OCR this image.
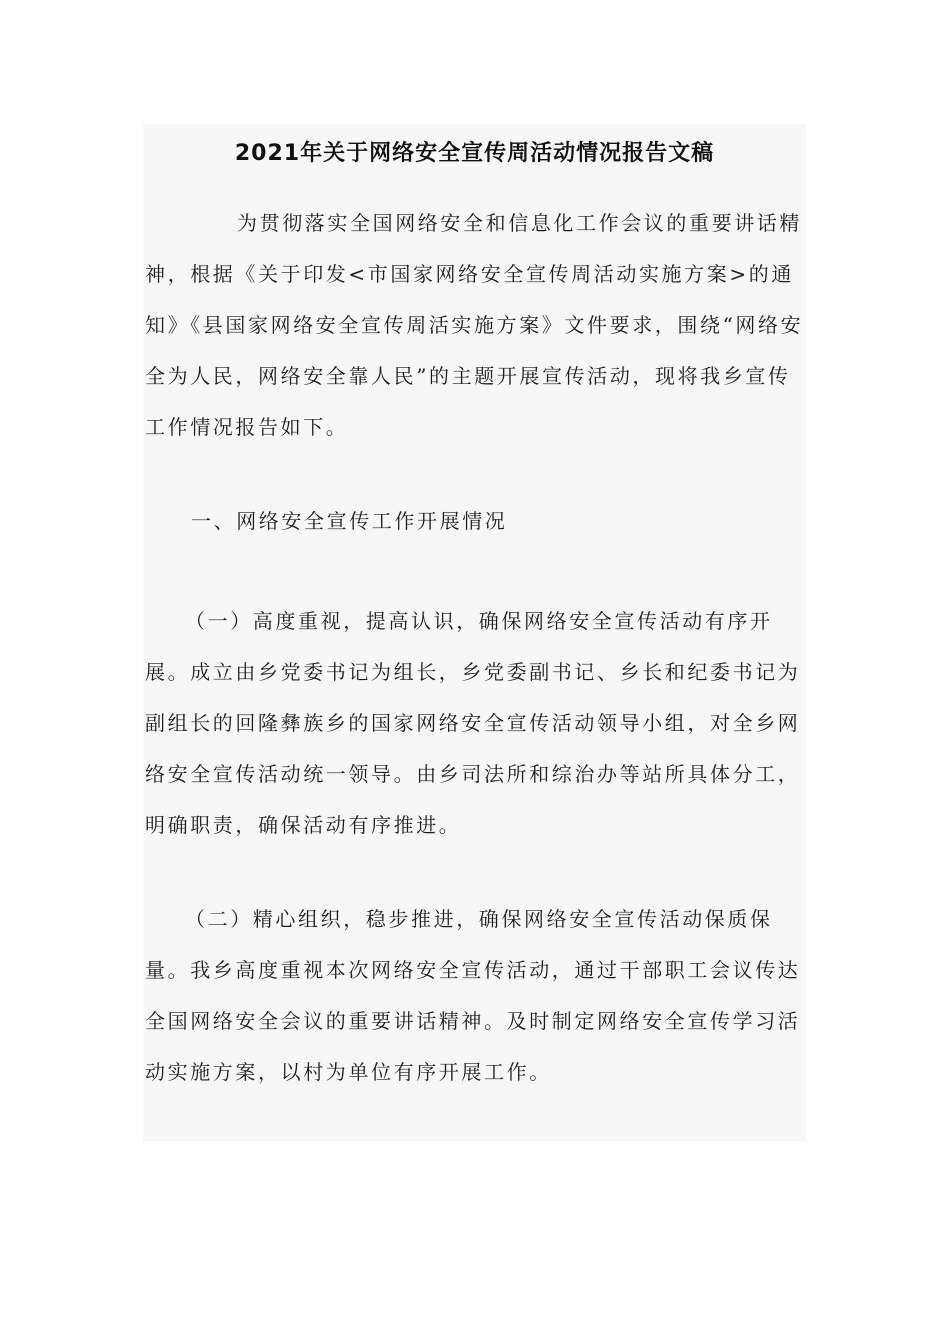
2021年关于网络安全宣传周活动情况报告文稿

为贯彻落实全国网络安全和信息化工作会议的重要讲话精神，根据《关于印发<市国家网络安全宣传周活动实施方案>的通知》《县国家网络安全宣传周活实施方案》文件要求，围绕“网络安全为人民，网络安全靠人民”的主题开展宣传活动，现将我乡宣传工作情况报告如下。

一、网络安全宣传工作开展情况

（一）高度重视，提高认识，确保网络安全宣传活动有序开展。成立由乡党委书记为组长，乡党委副书记、乡长和纪委书记为副组长的回隆彝族乡的国家网络安全宣传活动领导小组，对全乡网络安全宣传活动统一领导。由乡司法所和综治办等站所具体分工，明确职责，确保活动有序推进。

（二）精心组织，稳步推进，确保网络安全宣传活动保质保量。我乡高度重视本次网络安全宣传活动，通过干部职工会议传达全国网络安全会议的重要讲话精神。及时制定网络安全宣传学习活动实施方案，以村为单位有序开展工作。
